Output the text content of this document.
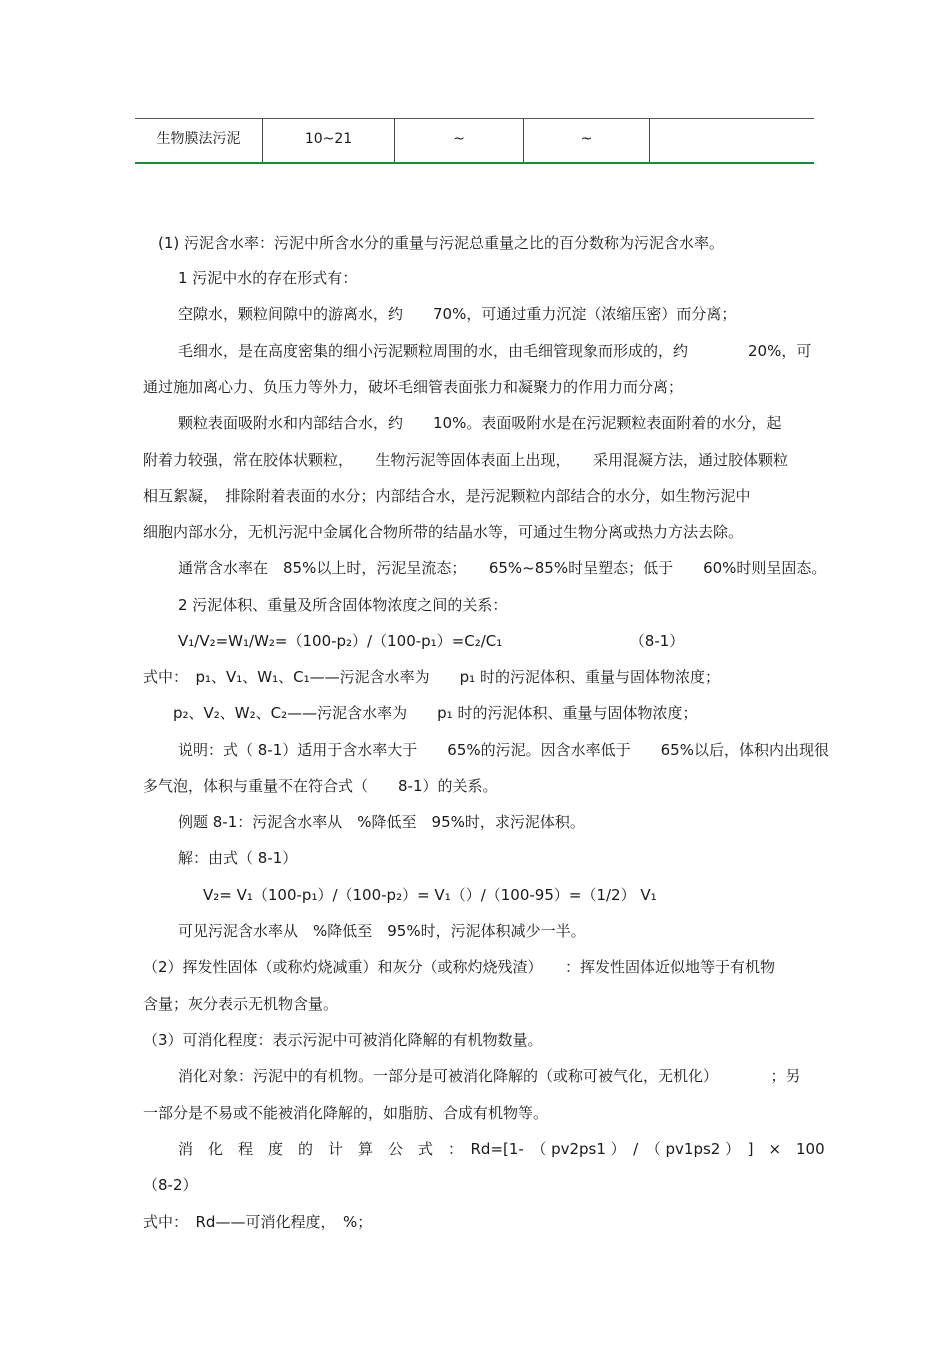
生物膜法污泥	10~21	~	~
(1) 污泥含水率：污泥中所含水分的重量与污泥总重量之比的百分数称为污泥含水率。
1 污泥中水的存在形式有：
空隙水，颗粒间隙中的游离水，约　　70%，可通过重力沉淀（浓缩压密）而分离；
毛细水，是在高度密集的细小污泥颗粒周围的水，由毛细管现象而形成的，约　　　　20%，可
通过施加离心力、负压力等外力，破坏毛细管表面张力和凝聚力的作用力而分离；
颗粒表面吸附水和内部结合水，约　　10%。表面吸附水是在污泥颗粒表面附着的水分，起
附着力较强，常在胶体状颗粒，　　生物污泥等固体表面上出现，　　采用混凝方法，通过胶体颗粒
相互絮凝，　排除附着表面的水分；内部结合水，是污泥颗粒内部结合的水分，如生物污泥中
细胞内部水分，无机污泥中金属化合物所带的结晶水等，可通过生物分离或热力方法去除。
通常含水率在　85%以上时，污泥呈流态；　　65%~85%时呈塑态；低于　　60%时则呈固态。
2 污泥体积、重量及所含固体物浓度之间的关系：
V₁/V₂=W₁/W₂=（100-p₂）/（100-p₁）=C₂/C₁　　　　　　　　　（8-1）
式中：　p₁、V₁、W₁、C₁——污泥含水率为　　p₁ 时的污泥体积、重量与固体物浓度；
p₂、V₂、W₂、C₂——污泥含水率为　　p₁ 时的污泥体积、重量与固体物浓度；
说明：式（ 8-1）适用于含水率大于　　65%的污泥。因含水率低于　　65%以后，体积内出现很
多气泡，体积与重量不在符合式（　　8-1）的关系。
例题 8-1：污泥含水率从　%降低至　95%时，求污泥体积。
解：由式（ 8-1）
V₂= V₁（100-p₁）/（100-p₂）= V₁（）/（100-95）=（1/2） V₁
可见污泥含水率从　%降低至　95%时，污泥体积减少一半。
（2）挥发性固体（或称灼烧减重）和灰分（或称灼烧残渣）　　：挥发性固体近似地等于有机物
含量；灰分表示无机物含量。
（3）可消化程度：表示污泥中可被消化降解的有机物数量。
消化对象：污泥中的有机物。一部分是可被消化降解的（或称可被气化，无机化）　　　　；另
一部分是不易或不能被消化降解的，如脂肪、合成有机物等。
消　化　程　度　的　计　算　公　式　：　Rd=[1-　（ pv2ps1 ）　/　（ pv1ps2 ）　]　×　100
（8-2）
式中：　Rd——可消化程度，　%；
